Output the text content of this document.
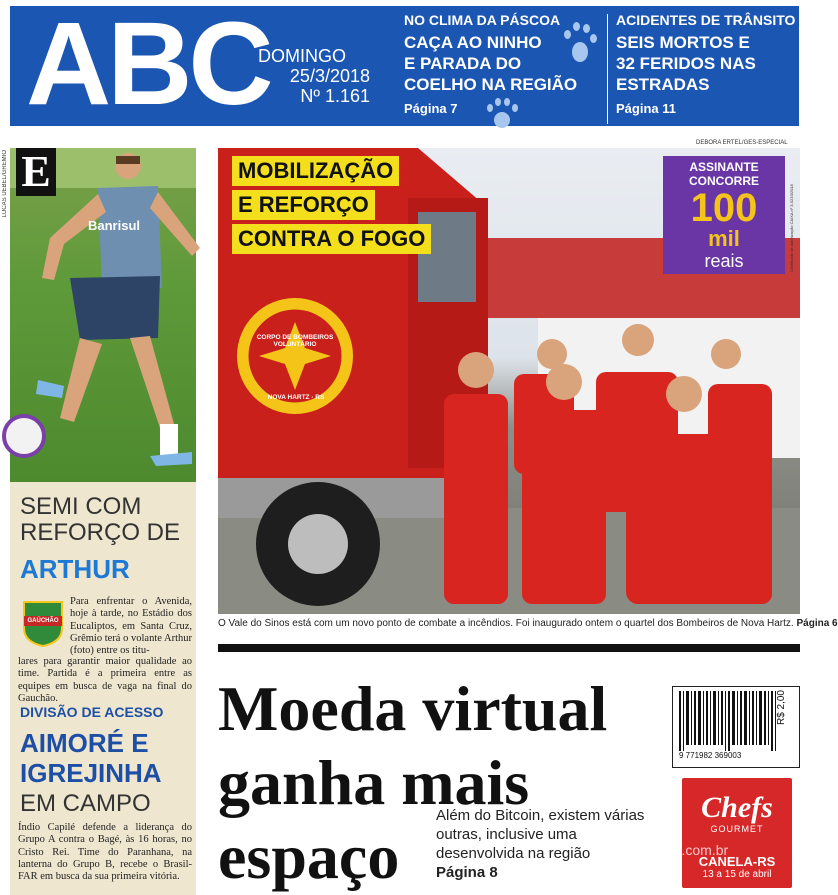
ABC
DOMINGO
25/3/2018
Nº 1.161
NO CLIMA DA PÁSCOA
CAÇA AO NINHO
E PARADA DO
COELHO NA REGIÃO
Página 7
ACIDENTES DE TRÂNSITO
SEIS MORTOS E
32 FERIDOS NAS
ESTRADAS
Página 11
LUCAS UEBEL/GREMIO
DEBORA ERTEL/GES-ESPECIAL
Banrisul
E
SEMI COM
REFORÇO DE
ARTHUR
GAÚCHÃO
Para enfrentar o Avenida, hoje à tarde, no Estádio dos Eucaliptos, em Santa Cruz, Grêmio terá o volante Arthur (foto) entre os titu-
lares para garantir maior qualidade ao time. Partida é a primeira entre as equipes em busca de vaga na final do Gauchão.
DIVISÃO DE ACESSO
AIMORÉ E
IGREJINHA
EM CAMPO
Índio Capilé defende a liderança do Grupo A contra o Bagé, às 16 horas, no Cristo Rei. Time do Paranhana, na lanterna do Grupo B, recebe o Brasil-FAR em busca da sua primeira vitória.
MOBILIZAÇÃO
E REFORÇO
CONTRA O FOGO
CORPO DE BOMBEIROS VOLUNTÁRIO
NOVA HARTZ · RS
ASSINANTE
CONCORRE
100
mil
reais	Certificado de autorização CAIXA nº 3-5233/2018
O Vale do Sinos está com um novo ponto de combate a incêndios. Foi inaugurado ontem o quartel dos Bombeiros de Nova Hartz. Página 6
Moeda virtual
ganha mais
espaço
Além do Bitcoin, existem várias outras, inclusive uma desenvolvida na região
Página 8
9 771982 369003
R$ 2,00
Chefs
GOURMET
CANELA-RS
13 a 15 de abril
VerCapas.com.br
